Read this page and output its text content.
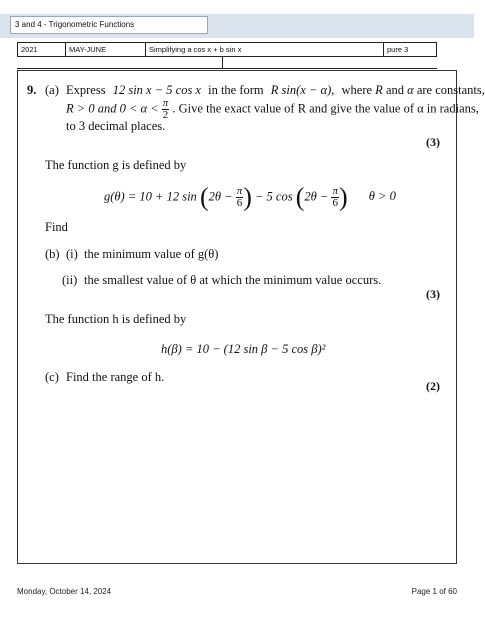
3 and 4 - Trigonometric Functions
2021	MAY-JUNE	Simplifying a cos x + b sin x	pure 3
9. (a) Express 12 sin x − 5 cos x in the form R sin(x − α), where R and α are constants,
R > 0 and $0 < \alpha < \frac{\pi}{2}$ . Give the exact value of R and give the value of α in radians,
to 3 decimal places.
(3)
The function g is defined by
g(θ) = 10 + 12 $\sin (2\theta - \frac{\pi}{6}$ ) − 5 $\cos (2\theta - \frac{\pi}{6}$ ) θ > 0
Find
(b) (i) the minimum value of g(θ)
(ii) the smallest value of θ at which the minimum value occurs.
(3)
The function h is defined by
h(β) = 10 − (12 sin β − 5 cos β)²
(c) Find the range of h.
(2)
Monday, October 14, 2024	Page 1 of 60
